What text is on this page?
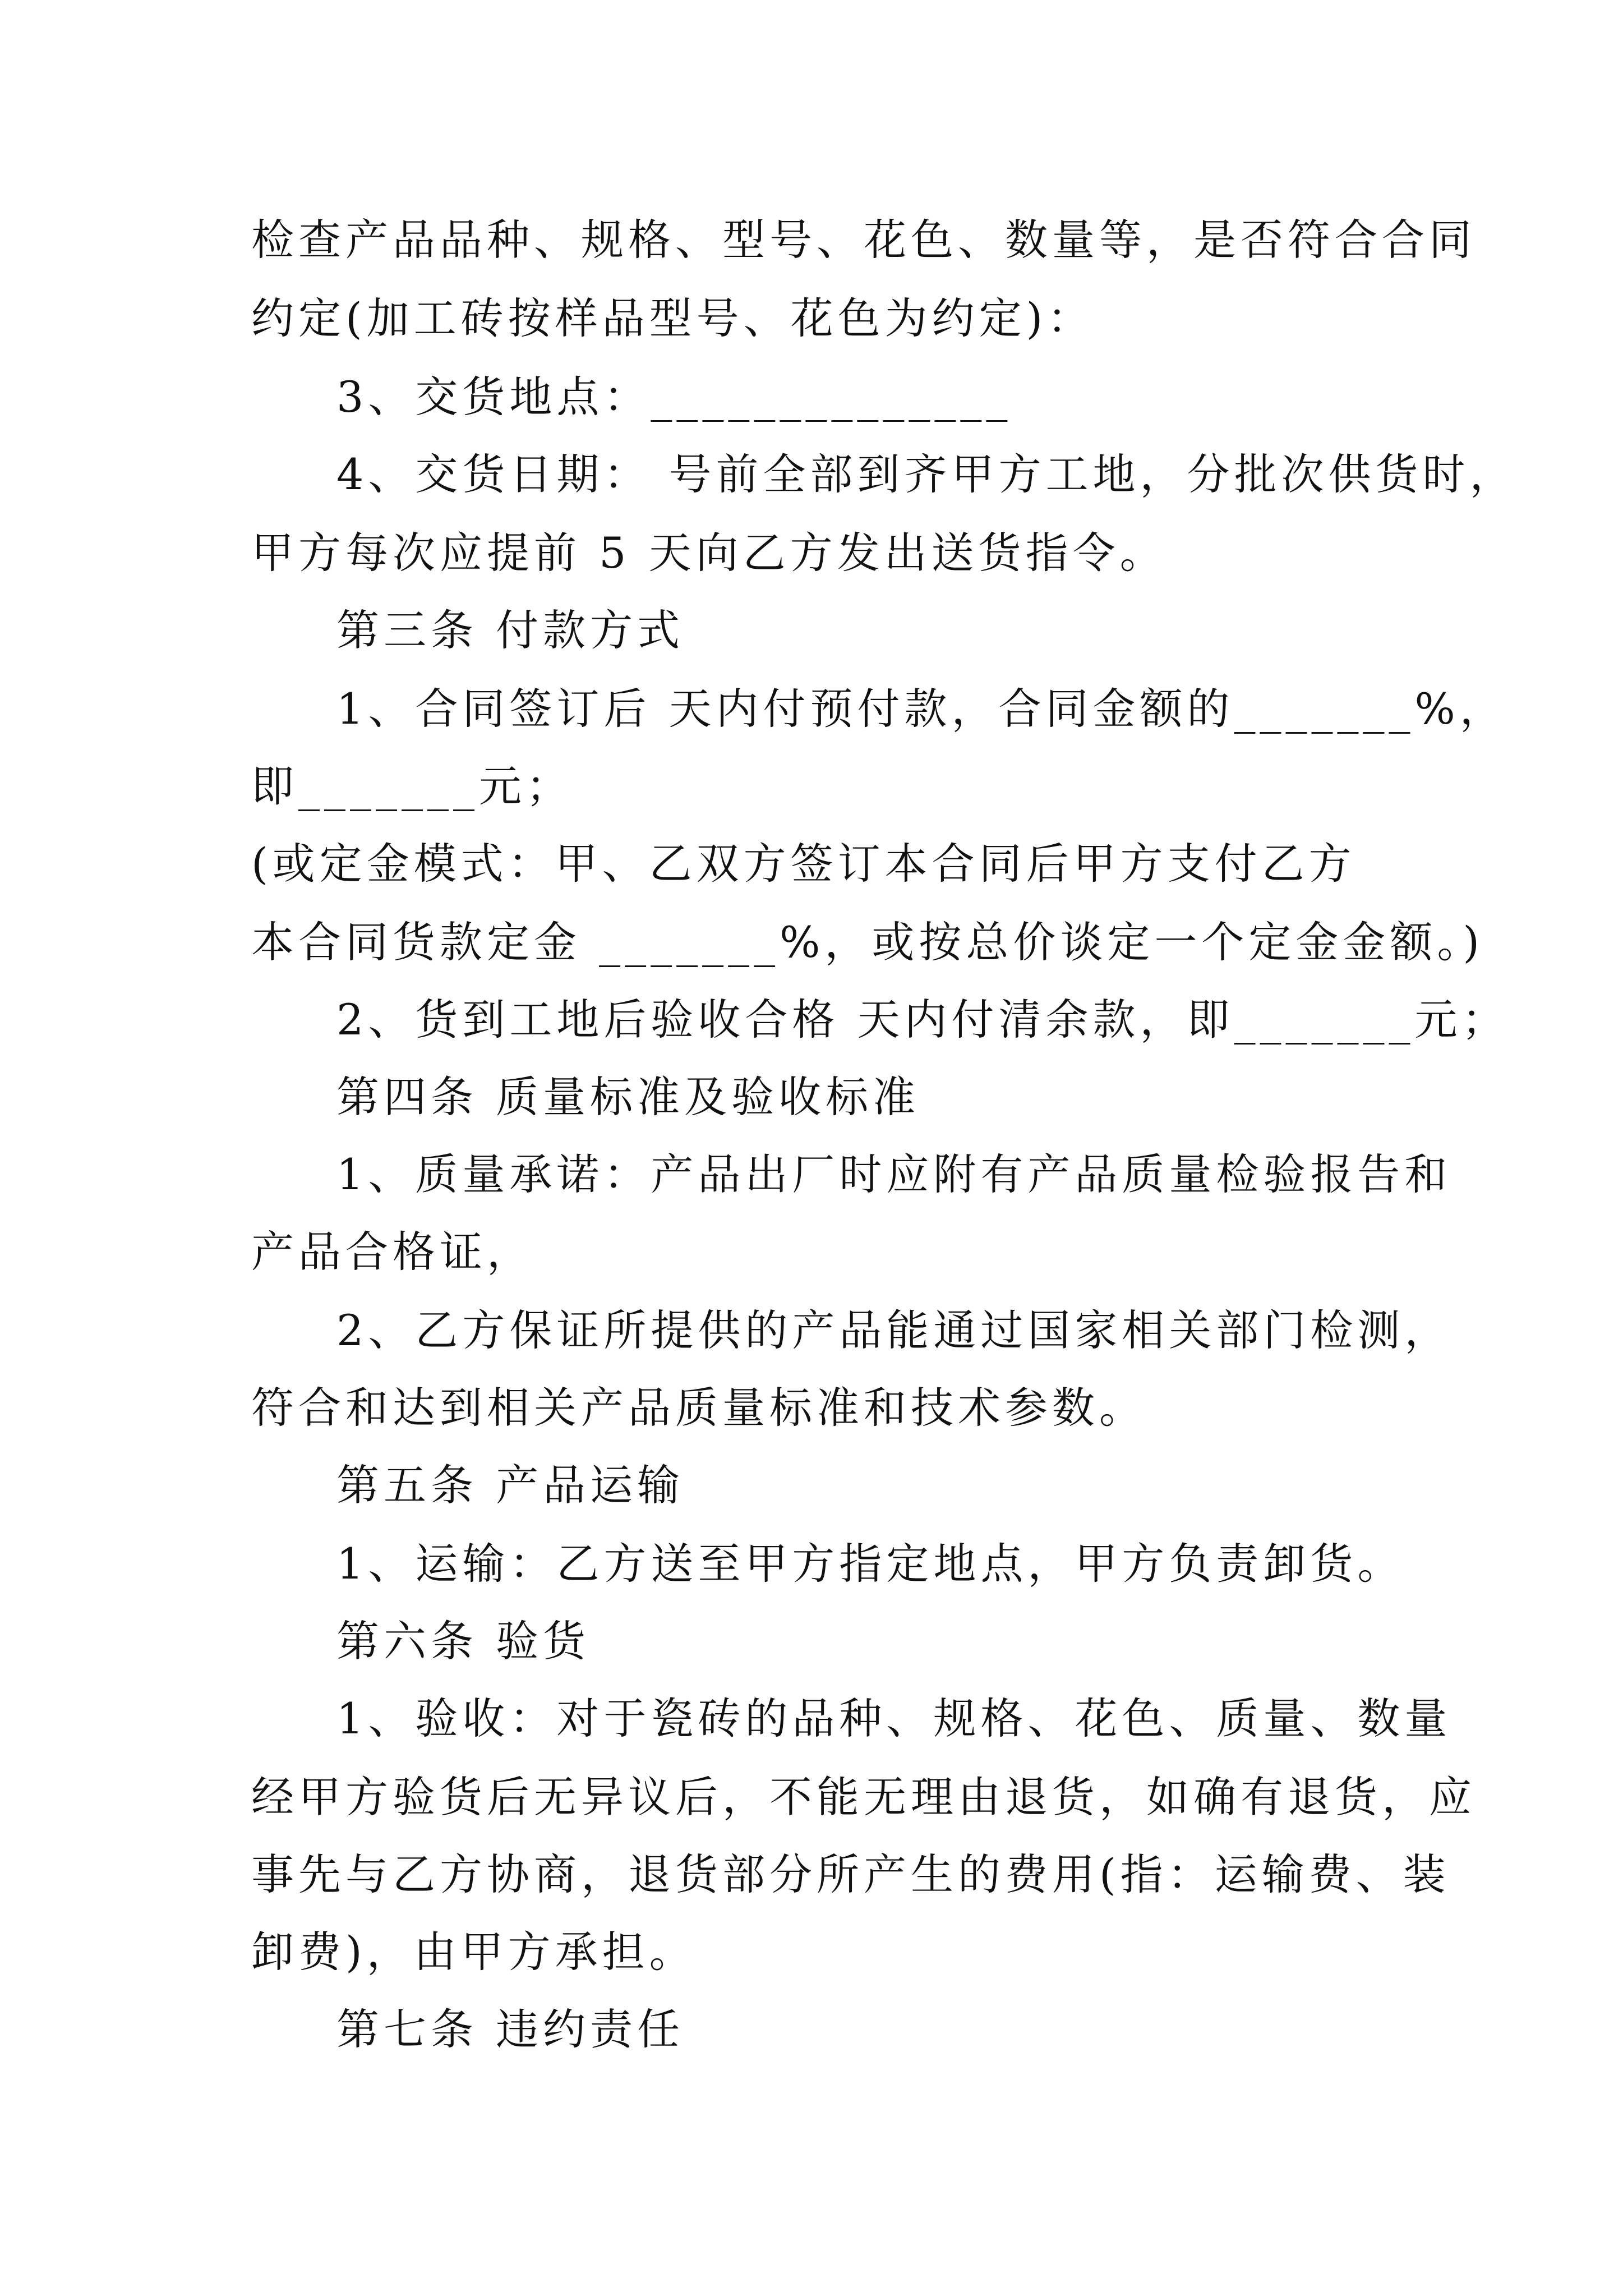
检查产品品种、规格、型号、花色、数量等，是否符合合同
约定(加工砖按样品型号、花色为约定)：
3、交货地点：______________
4、交货日期： 号前全部到齐甲方工地，分批次供货时，
甲方每次应提前 5 天向乙方发出送货指令。
第三条 付款方式
1、合同签订后 天内付预付款，合同金额的_______%，
即_______元；
(或定金模式：甲、乙双方签订本合同后甲方支付乙方
本合同货款定金 _______%，或按总价谈定一个定金金额。)
2、货到工地后验收合格 天内付清余款，即_______元；
第四条 质量标准及验收标准
1、质量承诺：产品出厂时应附有产品质量检验报告和
产品合格证，
2、乙方保证所提供的产品能通过国家相关部门检测，
符合和达到相关产品质量标准和技术参数。
第五条 产品运输
1、运输：乙方送至甲方指定地点，甲方负责卸货。
第六条 验货
1、验收：对于瓷砖的品种、规格、花色、质量、数量
经甲方验货后无异议后，不能无理由退货，如确有退货，应
事先与乙方协商，退货部分所产生的费用(指：运输费、装
卸费)，由甲方承担。
第七条 违约责任
